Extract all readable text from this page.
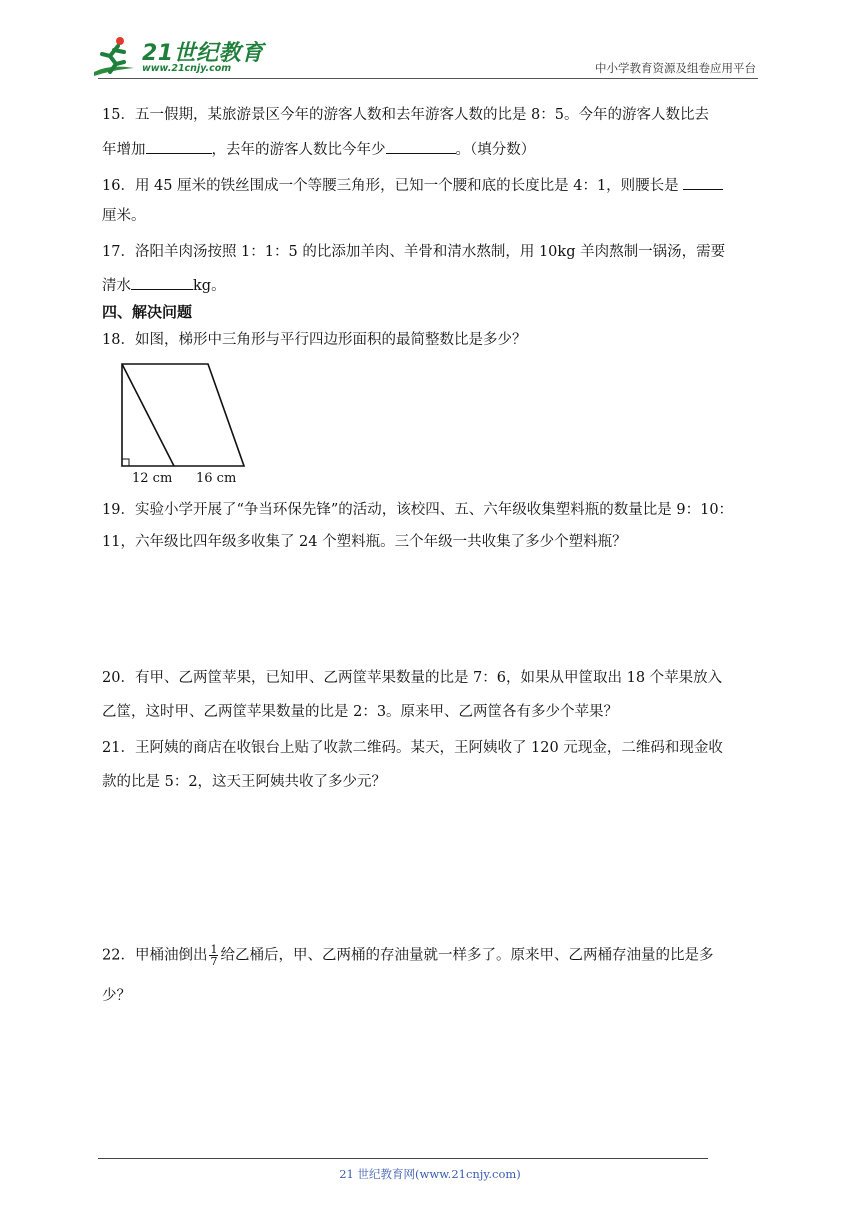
21世纪教育
www.21cnjy.com	中小学教育资源及组卷应用平台
15．五一假期，某旅游景区今年的游客人数和去年游客人数的比是 8：5。今年的游客人数比去
年增加	，去年的游客人数比今年少	。（填分数）
16．用 45 厘米的铁丝围成一个等腰三角形，已知一个腰和底的长度比是 4：1，则腰长是
厘米。
17．洛阳羊肉汤按照 1：1：5 的比添加羊肉、羊骨和清水熬制，用 10kg 羊肉熬制一锅汤，需要
清水	kg。
四、解决问题
18．如图，梯形中三角形与平行四边形面积的最简整数比是多少？
12 cm 16 cm
19．实验小学开展了“争当环保先锋”的活动，该校四、五、六年级收集塑料瓶的数量比是 9：10：
11，六年级比四年级多收集了 24 个塑料瓶。三个年级一共收集了多少个塑料瓶？
20．有甲、乙两筐苹果，已知甲、乙两筐苹果数量的比是 7：6，如果从甲筐取出 18 个苹果放入
乙筐，这时甲、乙两筐苹果数量的比是 2：3。原来甲、乙两筐各有多少个苹果？
21．王阿姨的商店在收银台上贴了收款二维码。某天，王阿姨收了 120 元现金，二维码和现金收
款的比是 5：2，这天王阿姨共收了多少元？
22．甲桶油倒出 $\frac{1}{7}$ 给乙桶后，甲、乙两桶的存油量就一样多了。原来甲、乙两桶存油量的比是多
少？
21 世纪教育网(www.21cnjy.com)
